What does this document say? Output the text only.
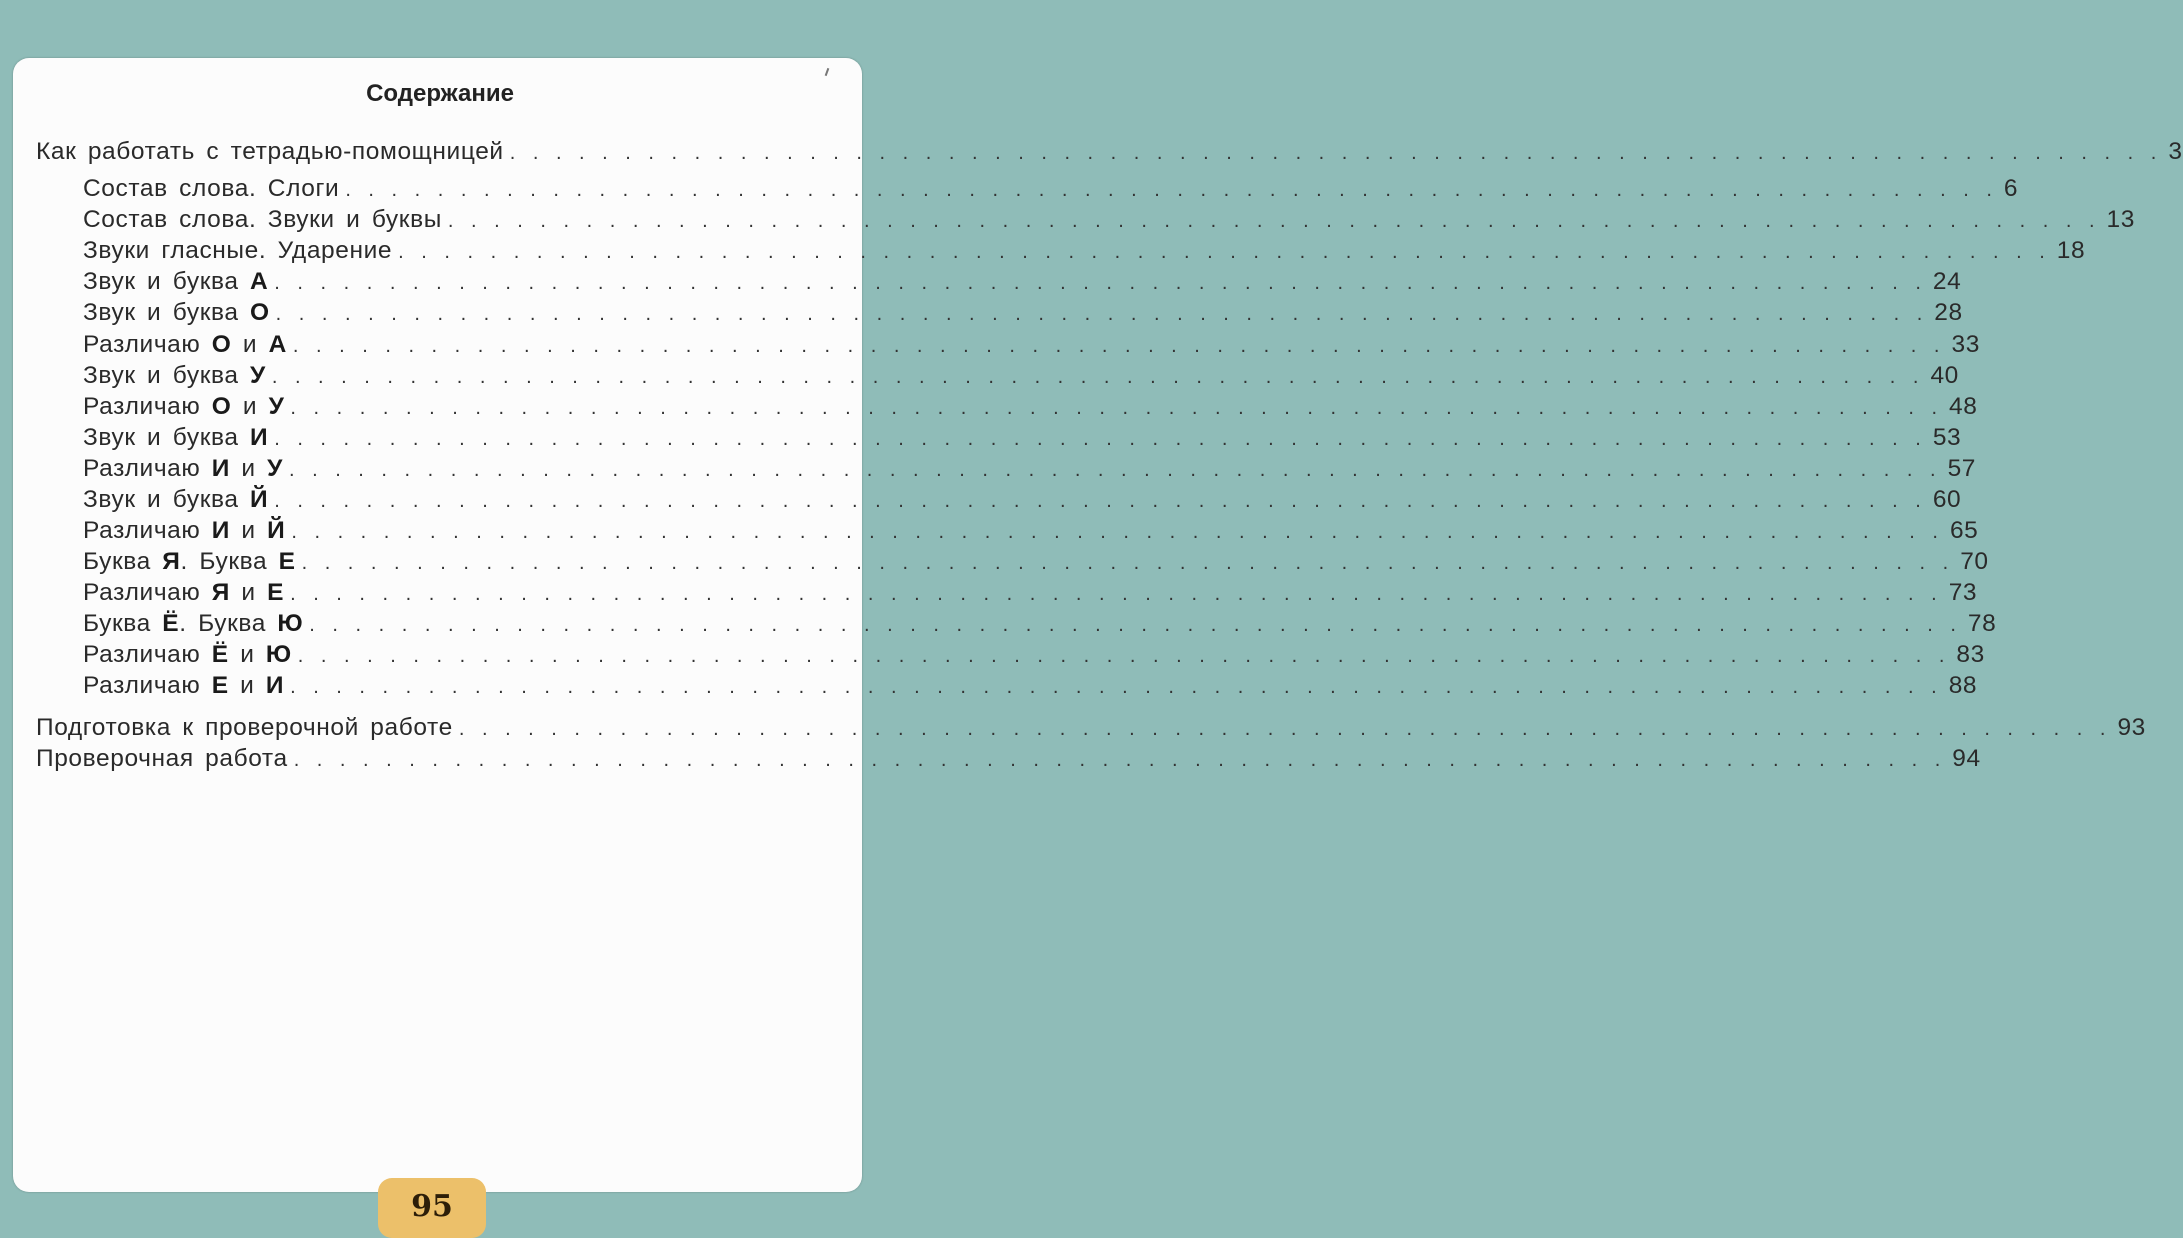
Содержание
Как работать с тетрадью-помощницей . . . . . . . . . . . . . . . . . . . . . . . . . . . . . . . . . . . . . . . . . . . . . . . . . . . . . . . . . . . . . . . . . . . . . . . . 3
Состав слова. Слоги . . . . . . . . . . . . . . . . . . . . . . . . . . . . . . . . . . . . . . . . . . . . . . . . . . . . . . . . . . . . . . . . . . . . . . . . 6
Состав слова. Звуки и буквы . . . . . . . . . . . . . . . . . . . . . . . . . . . . . . . . . . . . . . . . . . . . . . . . . . . . . . . . . . . . . . . . . . . . . . . . 13
Звуки гласные. Ударение . . . . . . . . . . . . . . . . . . . . . . . . . . . . . . . . . . . . . . . . . . . . . . . . . . . . . . . . . . . . . . . . . . . . . . . . 18
Звук и буква А . . . . . . . . . . . . . . . . . . . . . . . . . . . . . . . . . . . . . . . . . . . . . . . . . . . . . . . . . . . . . . . . . . . . . . . . 24
Звук и буква О . . . . . . . . . . . . . . . . . . . . . . . . . . . . . . . . . . . . . . . . . . . . . . . . . . . . . . . . . . . . . . . . . . . . . . . . 28
Различаю О и А . . . . . . . . . . . . . . . . . . . . . . . . . . . . . . . . . . . . . . . . . . . . . . . . . . . . . . . . . . . . . . . . . . . . . . . . 33
Звук и буква У . . . . . . . . . . . . . . . . . . . . . . . . . . . . . . . . . . . . . . . . . . . . . . . . . . . . . . . . . . . . . . . . . . . . . . . . 40
Различаю О и У . . . . . . . . . . . . . . . . . . . . . . . . . . . . . . . . . . . . . . . . . . . . . . . . . . . . . . . . . . . . . . . . . . . . . . . . 48
Звук и буква И . . . . . . . . . . . . . . . . . . . . . . . . . . . . . . . . . . . . . . . . . . . . . . . . . . . . . . . . . . . . . . . . . . . . . . . . 53
Различаю И и У . . . . . . . . . . . . . . . . . . . . . . . . . . . . . . . . . . . . . . . . . . . . . . . . . . . . . . . . . . . . . . . . . . . . . . . . 57
Звук и буква Й . . . . . . . . . . . . . . . . . . . . . . . . . . . . . . . . . . . . . . . . . . . . . . . . . . . . . . . . . . . . . . . . . . . . . . . . 60
Различаю И и Й . . . . . . . . . . . . . . . . . . . . . . . . . . . . . . . . . . . . . . . . . . . . . . . . . . . . . . . . . . . . . . . . . . . . . . . . 65
Буква Я. Буква Е . . . . . . . . . . . . . . . . . . . . . . . . . . . . . . . . . . . . . . . . . . . . . . . . . . . . . . . . . . . . . . . . . . . . . . . . 70
Различаю Я и Е . . . . . . . . . . . . . . . . . . . . . . . . . . . . . . . . . . . . . . . . . . . . . . . . . . . . . . . . . . . . . . . . . . . . . . . . 73
Буква Ё. Буква Ю . . . . . . . . . . . . . . . . . . . . . . . . . . . . . . . . . . . . . . . . . . . . . . . . . . . . . . . . . . . . . . . . . . . . . . . . 78
Различаю Ё и Ю . . . . . . . . . . . . . . . . . . . . . . . . . . . . . . . . . . . . . . . . . . . . . . . . . . . . . . . . . . . . . . . . . . . . . . . . 83
Различаю Е и И . . . . . . . . . . . . . . . . . . . . . . . . . . . . . . . . . . . . . . . . . . . . . . . . . . . . . . . . . . . . . . . . . . . . . . . . 88
Подготовка к проверочной работе . . . . . . . . . . . . . . . . . . . . . . . . . . . . . . . . . . . . . . . . . . . . . . . . . . . . . . . . . . . . . . . . . . . . . . . . 93
Проверочная работа . . . . . . . . . . . . . . . . . . . . . . . . . . . . . . . . . . . . . . . . . . . . . . . . . . . . . . . . . . . . . . . . . . . . . . . . 94
95
